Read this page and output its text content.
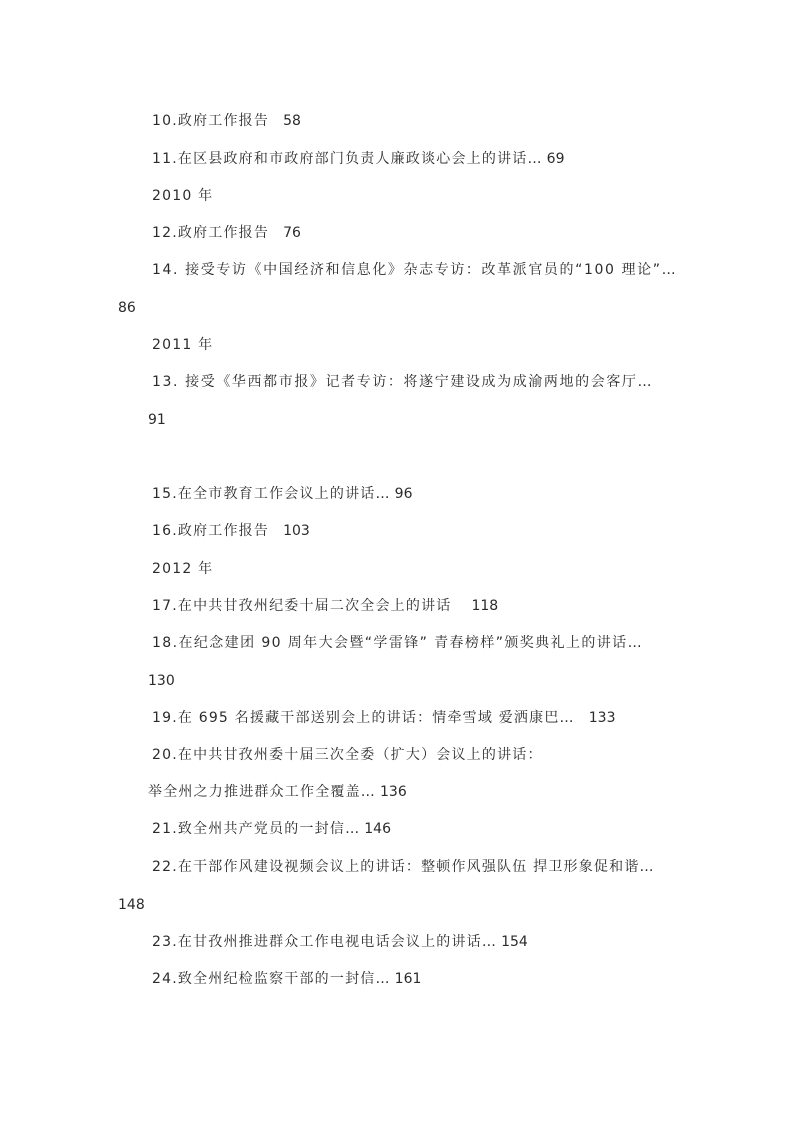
10.政府工作报告 58
11.在区县政府和市政府部门负责人廉政谈心会上的讲话… 69
2010 年
12.政府工作报告 76
14. 接受专访《中国经济和信息化》杂志专访：改革派官员的“100 理论”…
86
2011 年
13. 接受《华西都市报》记者专访：将遂宁建设成为成渝两地的会客厅…
91
15.在全市教育工作会议上的讲话… 96
16.政府工作报告 103
2012 年
17.在中共甘孜州纪委十届二次全会上的讲话 118
18.在纪念建团 90 周年大会暨“学雷锋” 青春榜样”颁奖典礼上的讲话…
130
19.在 695 名援藏干部送别会上的讲话：情牵雪域 爱洒康巴… 133
20.在中共甘孜州委十届三次全委（扩大）会议上的讲话：
举全州之力推进群众工作全覆盖… 136
21.致全州共产党员的一封信… 146
22.在干部作风建设视频会议上的讲话：整顿作风强队伍 捍卫形象促和谐…
148
23.在甘孜州推进群众工作电视电话会议上的讲话… 154
24.致全州纪检监察干部的一封信… 161
